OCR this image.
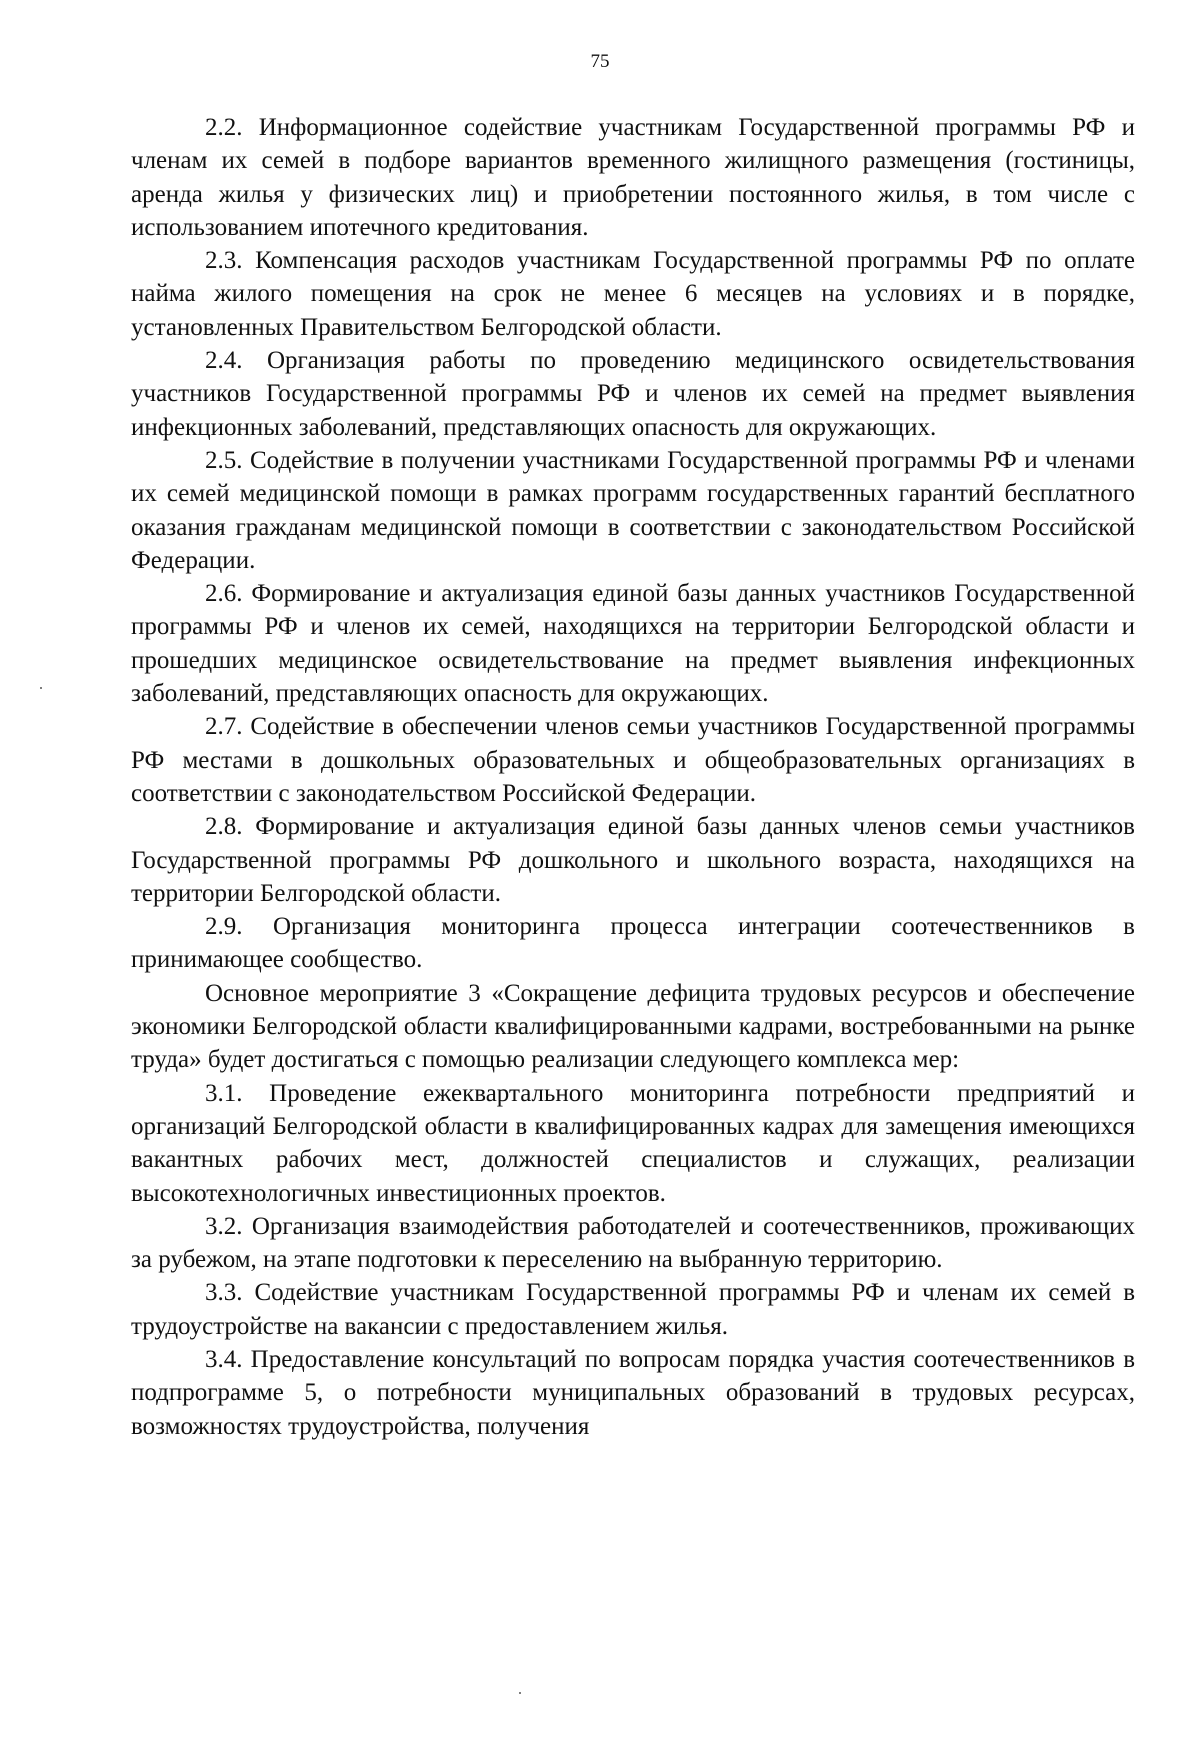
75

2.2. Информационное содействие участникам Государственной программы РФ и членам их семей в подборе вариантов временного жилищного размещения (гостиницы, аренда жилья у физических лиц) и приобретении постоянного жилья, в том числе с использованием ипотечного кредитования.

2.3. Компенсация расходов участникам Государственной программы РФ по оплате найма жилого помещения на срок не менее 6 месяцев на условиях и в порядке, установленных Правительством Белгородской области.

2.4. Организация работы по проведению медицинского освидетельствования участников Государственной программы РФ и членов их семей на предмет выявления инфекционных заболеваний, представляющих опасность для окружающих.

2.5. Содействие в получении участниками Государственной программы РФ и членами их семей медицинской помощи в рамках программ государственных гарантий бесплатного оказания гражданам медицинской помощи в соответствии с законодательством Российской Федерации.

2.6. Формирование и актуализация единой базы данных участников Государственной программы РФ и членов их семей, находящихся на территории Белгородской области и прошедших медицинское освидетельствование на предмет выявления инфекционных заболеваний, представляющих опасность для окружающих.

2.7. Содействие в обеспечении членов семьи участников Государственной программы РФ местами в дошкольных образовательных и общеобразовательных организациях в соответствии с законодательством Российской Федерации.

2.8. Формирование и актуализация единой базы данных членов семьи участников Государственной программы РФ дошкольного и школьного возраста, находящихся на территории Белгородской области.

2.9. Организация мониторинга процесса интеграции соотечественников в принимающее сообщество.

Основное мероприятие 3 «Сокращение дефицита трудовых ресурсов и обеспечение экономики Белгородской области квалифицированными кадрами, востребованными на рынке труда» будет достигаться с помощью реализации следующего комплекса мер:

3.1. Проведение ежеквартального мониторинга потребности предприятий и организаций Белгородской области в квалифицированных кадрах для замещения имеющихся вакантных рабочих мест, должностей специалистов и служащих, реализации высокотехнологичных инвестиционных проектов.

3.2. Организация взаимодействия работодателей и соотечественников, проживающих за рубежом, на этапе подготовки к переселению на выбранную территорию.

3.3. Содействие участникам Государственной программы РФ и членам их семей в трудоустройстве на вакансии с предоставлением жилья.

3.4. Предоставление консультаций по вопросам порядка участия соотечественников в подпрограмме 5, о потребности муниципальных образований в трудовых ресурсах, возможностях трудоустройства, получения
